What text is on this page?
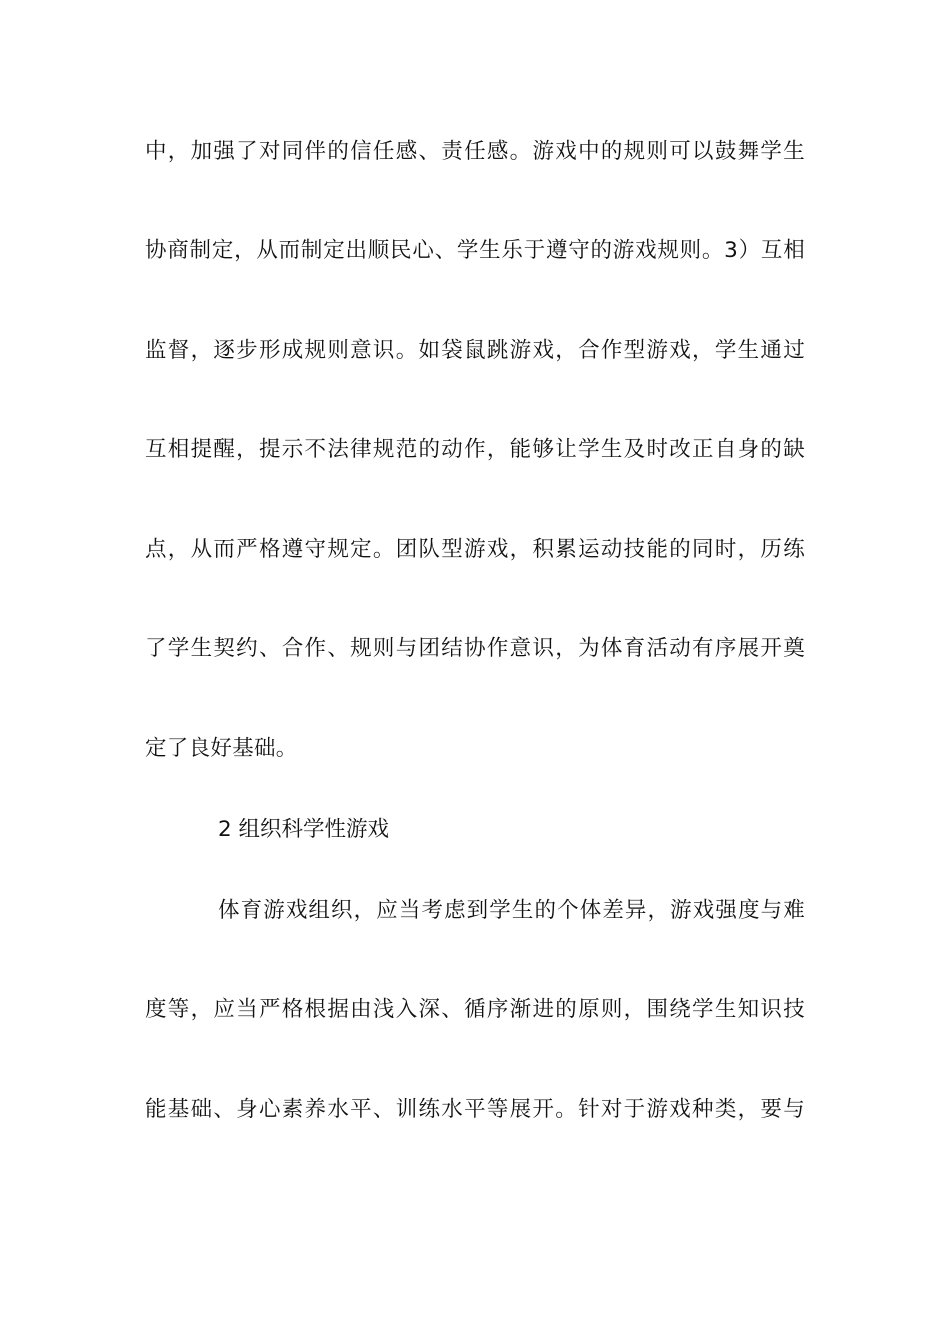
中，加强了对同伴的信任感、责任感。游戏中的规则可以鼓舞学生
协商制定，从而制定出顺民心、学生乐于遵守的游戏规则。3）互相
监督，逐步形成规则意识。如袋鼠跳游戏，合作型游戏，学生通过
互相提醒，提示不法律规范的动作，能够让学生及时改正自身的缺
点，从而严格遵守规定。团队型游戏，积累运动技能的同时，历练
了学生契约、合作、规则与团结协作意识，为体育活动有序展开奠
定了良好基础。
2 组织科学性游戏
体育游戏组织，应当考虑到学生的个体差异，游戏强度与难
度等，应当严格根据由浅入深、循序渐进的原则，围绕学生知识技
能基础、身心素养水平、训练水平等展开。针对于游戏种类，要与
